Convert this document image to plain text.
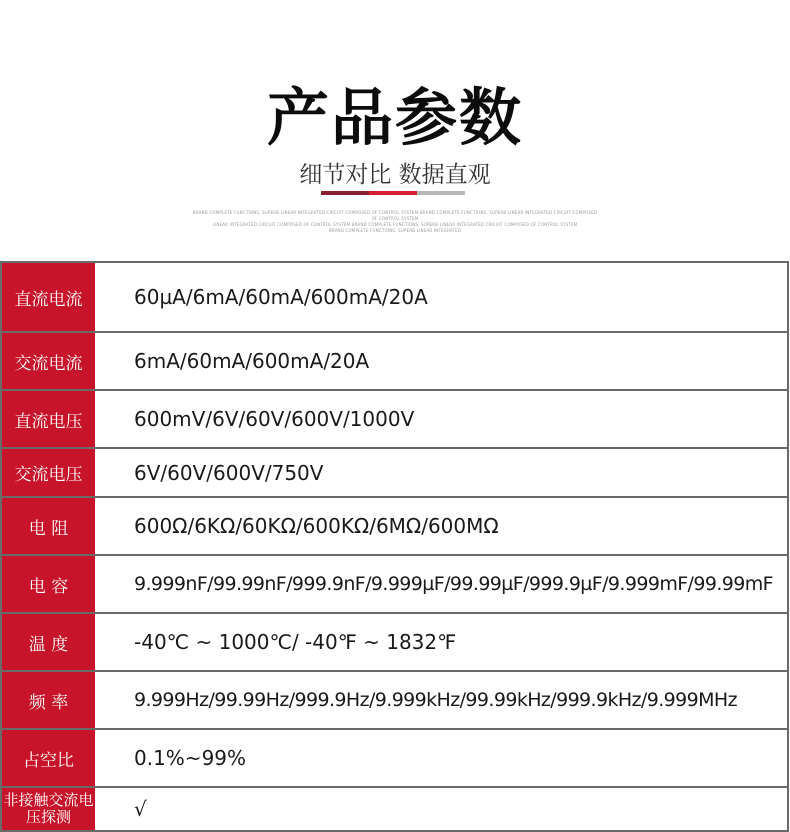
产品参数
细节对比 数据直观
BRAND COMPLETE FUNCTIONS, SUPERB LINEAR INTEGRATED CIRCUIT COMPOSED OF CONTROL SYSTEM BRAND COMPLETE FUNCTIONS, SUPERB LINEAR INTEGRATED CIRCUIT COMPOSED OF CONTROL SYSTEM
LINEAR INTEGRATED CIRCUIT COMPOSED OF CONTROL SYSTEM BRAND COMPLETE FUNCTIONS, SUPERB LINEAR INTEGRATED CIRCUIT COMPOSED OF CONTROL SYSTEM
BRAND COMPLETE FUNCTIONS, SUPERB LINEAR INTEGRATED
直流电流	60µA/6mA/60mA/600mA/20A
交流电流	6mA/60mA/600mA/20A
直流电压	600mV/6V/60V/600V/1000V
交流电压	6V/60V/600V/750V
电 阻	600Ω/6KΩ/60KΩ/600KΩ/6MΩ/600MΩ
电 容	9.999nF/99.99nF/999.9nF/9.999µF/99.99µF/999.9µF/9.999mF/99.99mF
温 度	-40℃ ~ 1000℃/ -40℉ ~ 1832℉
频 率	9.999Hz/99.99Hz/999.9Hz/9.999kHz/99.99kHz/999.9kHz/9.999MHz
占空比	0.1%~99%
非接触交流电压探测	√
